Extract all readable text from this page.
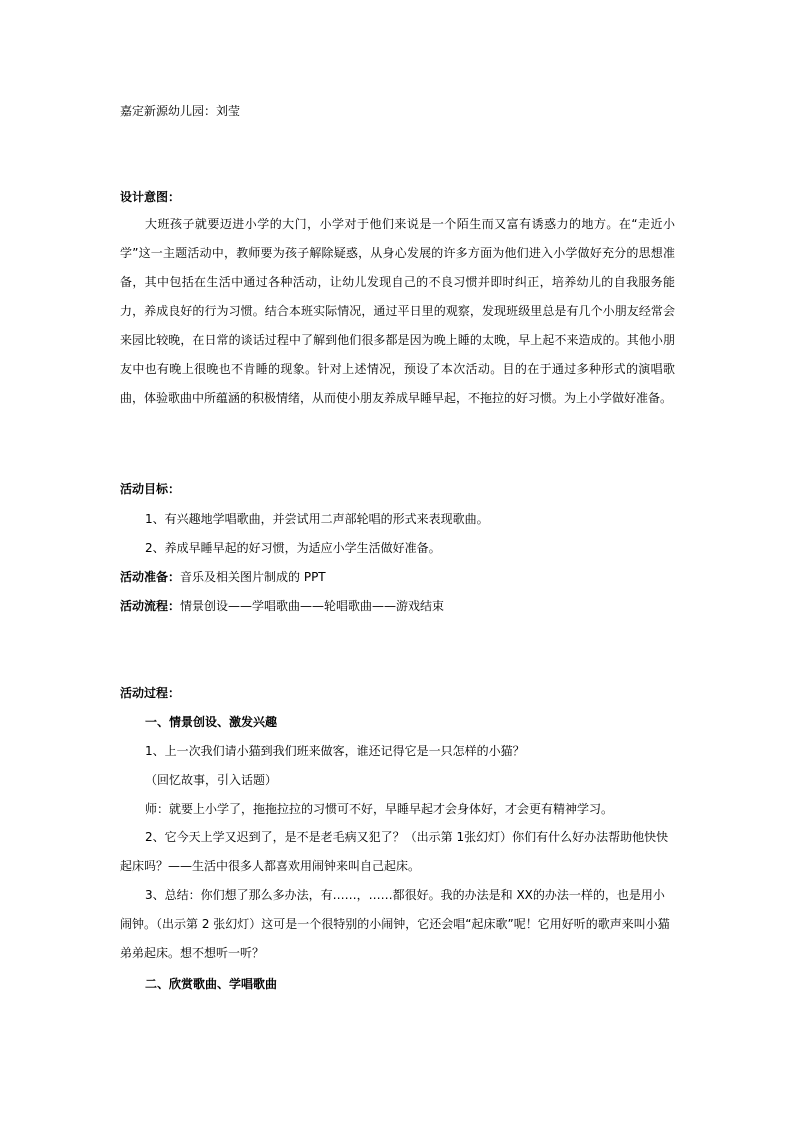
嘉定新源幼儿园：刘莹
设计意图：
大班孩子就要迈进小学的大门，小学对于他们来说是一个陌生而又富有诱惑力的地方。在“走近小学”这一主题活动中，教师要为孩子解除疑惑，从身心发展的许多方面为他们进入小学做好充分的思想准备，其中包括在生活中通过各种活动，让幼儿发现自己的不良习惯并即时纠正，培养幼儿的自我服务能力，养成良好的行为习惯。结合本班实际情况，通过平日里的观察，发现班级里总是有几个小朋友经常会来园比较晚，在日常的谈话过程中了解到他们很多都是因为晚上睡的太晚，早上起不来造成的。其他小朋友中也有晚上很晚也不肯睡的现象。针对上述情况，预设了本次活动。目的在于通过多种形式的演唱歌曲，体验歌曲中所蕴涵的积极情绪，从而使小朋友养成早睡早起，不拖拉的好习惯。为上小学做好准备。
活动目标：
1、有兴趣地学唱歌曲，并尝试用二声部轮唱的形式来表现歌曲。
2、养成早睡早起的好习惯，为适应小学生活做好准备。
活动准备：音乐及相关图片制成的 PPT
活动流程：情景创设——学唱歌曲——轮唱歌曲——游戏结束
活动过程：
一、情景创设、激发兴趣
1、上一次我们请小猫到我们班来做客，谁还记得它是一只怎样的小猫？
（回忆故事，引入话题）
师：就要上小学了，拖拖拉拉的习惯可不好，早睡早起才会身体好，才会更有精神学习。
2、它今天上学又迟到了，是不是老毛病又犯了？（出示第 1张幻灯）你们有什么好办法帮助他快快起床吗？——生活中很多人都喜欢用闹钟来叫自己起床。
3、总结：你们想了那么多办法，有……，……都很好。我的办法是和 XX的办法一样的，也是用小闹钟。（出示第 2 张幻灯）这可是一个很特别的小闹钟，它还会唱“起床歌”呢！它用好听的歌声来叫小猫弟弟起床。想不想听一听？
二、欣赏歌曲、学唱歌曲
